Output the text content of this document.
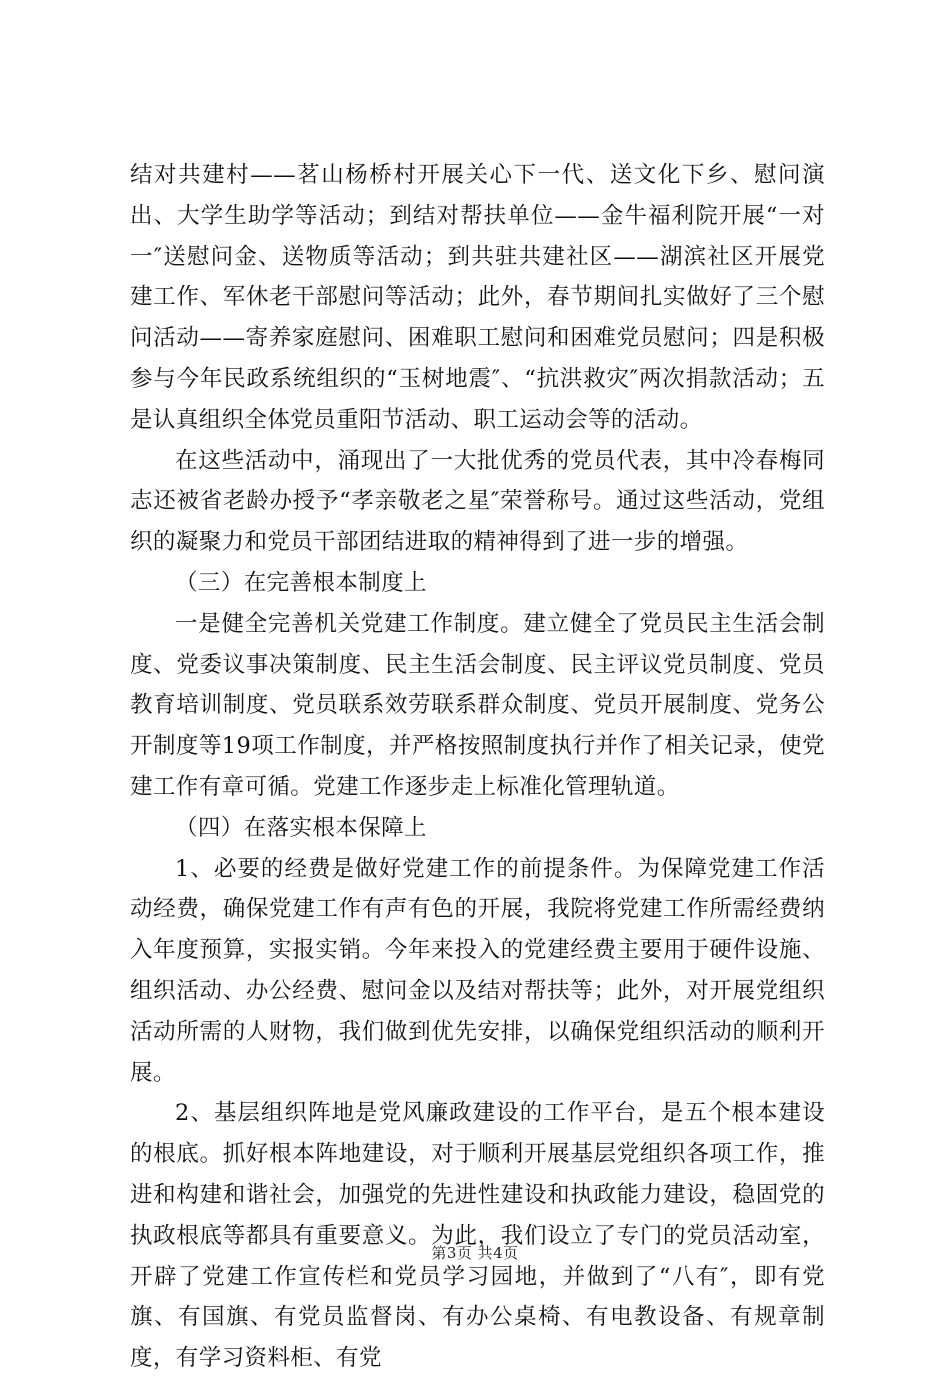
结对共建村——茗山杨桥村开展关心下一代、送文化下乡、慰问演出、大学生助学等活动；到结对帮扶单位——金牛福利院开展“一对一″送慰问金、送物质等活动；到共驻共建社区——湖滨社区开展党建工作、军休老干部慰问等活动；此外，春节期间扎实做好了三个慰问活动——寄养家庭慰问、困难职工慰问和困难党员慰问；四是积极参与今年民政系统组织的“玉树地震″、“抗洪救灾″两次捐款活动；五是认真组织全体党员重阳节活动、职工运动会等的活动。

在这些活动中，涌现出了一大批优秀的党员代表，其中冷春梅同志还被省老龄办授予“孝亲敬老之星″荣誉称号。通过这些活动，党组织的凝聚力和党员干部团结进取的精神得到了进一步的增强。

（三）在完善根本制度上

一是健全完善机关党建工作制度。建立健全了党员民主生活会制度、党委议事决策制度、民主生活会制度、民主评议党员制度、党员教育培训制度、党员联系效劳联系群众制度、党员开展制度、党务公开制度等19项工作制度，并严格按照制度执行并作了相关记录，使党建工作有章可循。党建工作逐步走上标准化管理轨道。

（四）在落实根本保障上

1、必要的经费是做好党建工作的前提条件。为保障党建工作活动经费，确保党建工作有声有色的开展，我院将党建工作所需经费纳入年度预算，实报实销。今年来投入的党建经费主要用于硬件设施、组织活动、办公经费、慰问金以及结对帮扶等；此外，对开展党组织活动所需的人财物，我们做到优先安排，以确保党组织活动的顺利开展。

2、基层组织阵地是党风廉政建设的工作平台，是五个根本建设的根底。抓好根本阵地建设，对于顺利开展基层党组织各项工作，推进和构建和谐社会，加强党的先进性建设和执政能力建设，稳固党的执政根底等都具有重要意义。为此，我们设立了专门的党员活动室，开辟了党建工作宣传栏和党员学习园地，并做到了“八有″，即有党旗、有国旗、有党员监督岗、有办公桌椅、有电教设备、有规章制度，有学习资料柜、有党

第3页 共4页
